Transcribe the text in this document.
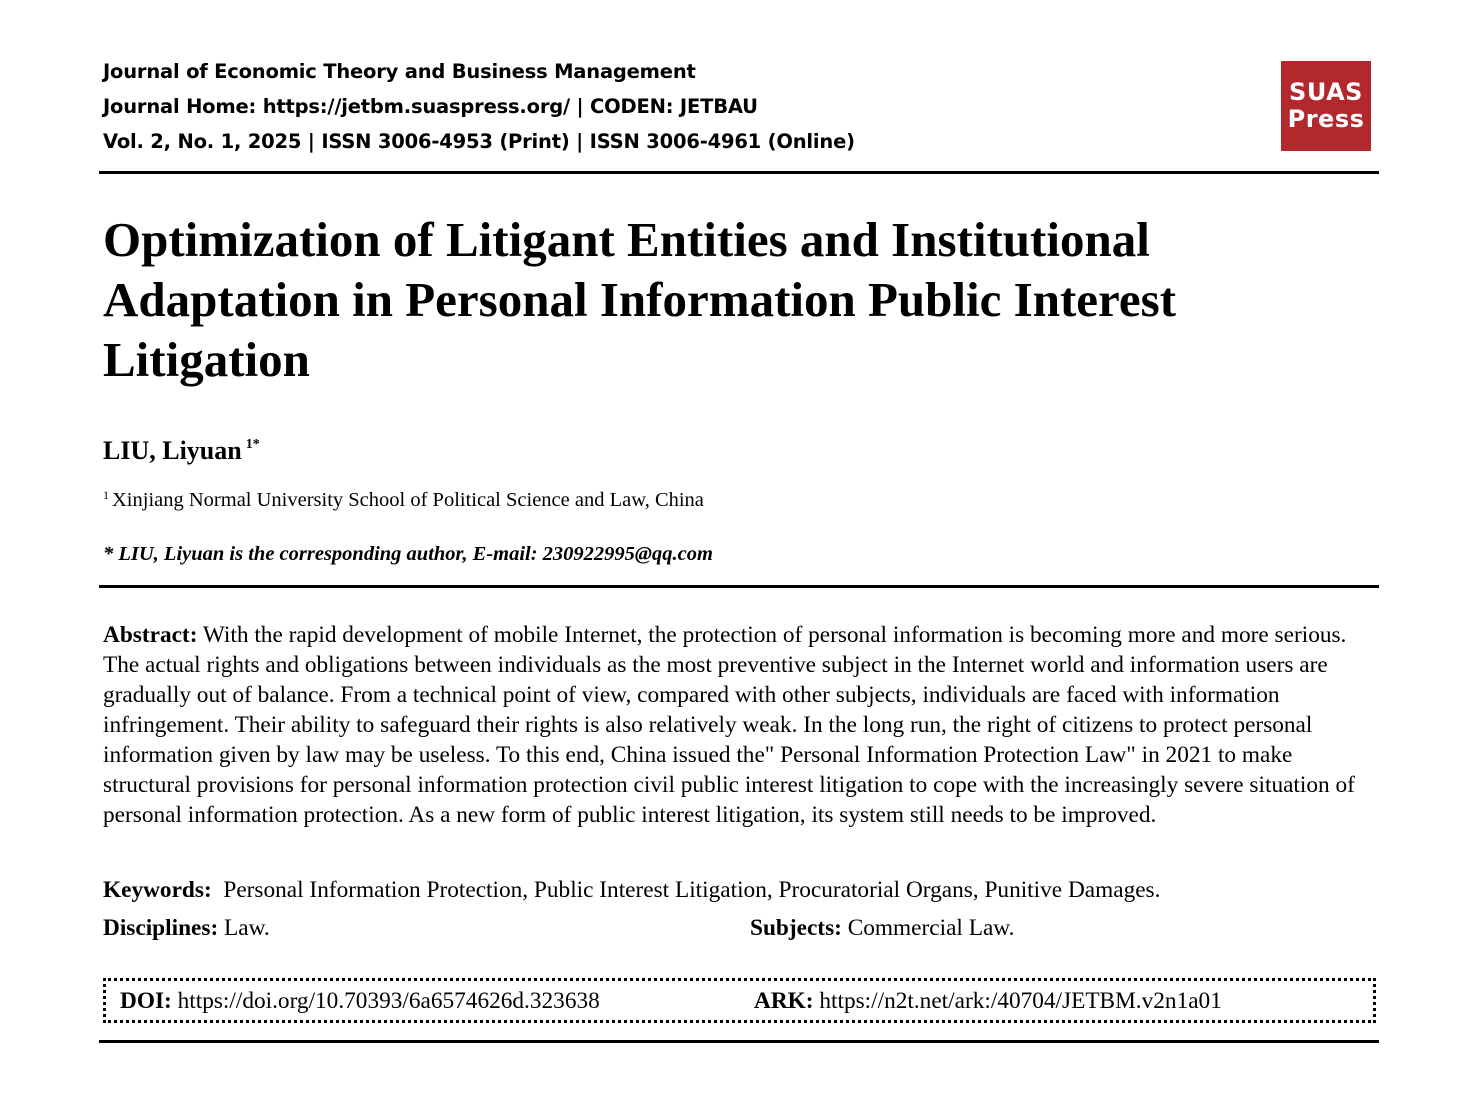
Journal of Economic Theory and Business Management
Journal Home: https://jetbm.suaspress.org/ | CODEN: JETBAU
Vol. 2, No. 1, 2025 | ISSN 3006-4953 (Print) | ISSN 3006-4961 (Online)
SUAS
Press
Optimization of Litigant Entities and Institutional Adaptation in Personal Information Public Interest Litigation
LIU, Liyuan $^{1*}$
$^1$ Xinjiang Normal University School of Political Science and Law, China
* LIU, Liyuan is the corresponding author, E-mail: 230922995@qq.com

Abstract: With the rapid development of mobile Internet, the protection of personal information is becoming more and more serious. The actual rights and obligations between individuals as the most preventive subject in the Internet world and information users are gradually out of balance. From a technical point of view, compared with other subjects, individuals are faced with information infringement. Their ability to safeguard their rights is also relatively weak. In the long run, the right of citizens to protect personal information given by law may be useless. To this end, China issued the" Personal Information Protection Law" in 2021 to make structural provisions for personal information protection civil public interest litigation to cope with the increasingly severe situation of personal information protection. As a new form of public interest litigation, its system still needs to be improved.

Keywords: Personal Information Protection, Public Interest Litigation, Procuratorial Organs, Punitive Damages.
Disciplines: Law.	Subjects: Commercial Law.
DOI: https://doi.org/10.70393/6a6574626d.323638	ARK: https://n2t.net/ark:/40704/JETBM.v2n1a01
